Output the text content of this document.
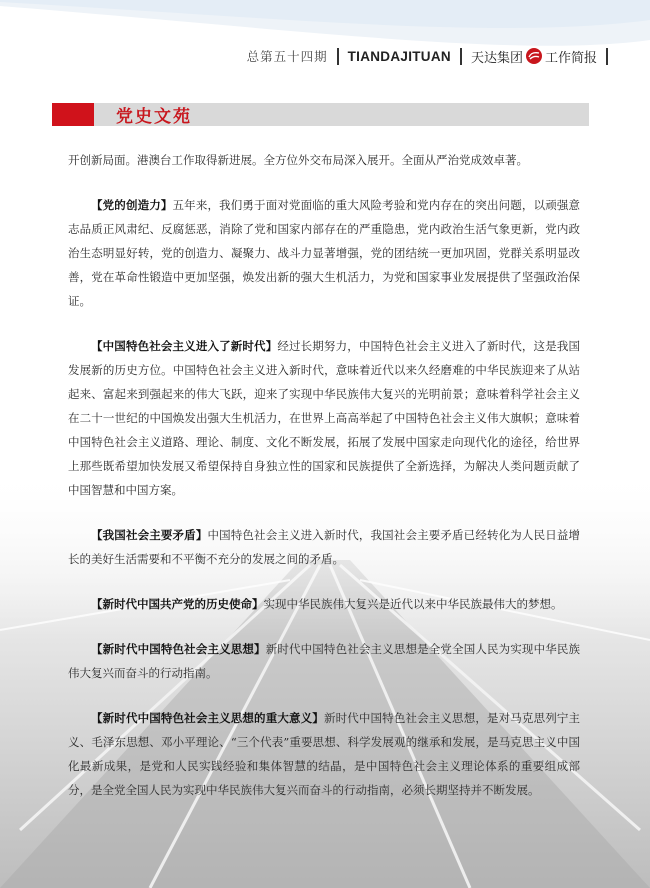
总第五十四期 TIANDAJITUAN 天达集团 工作简报
党史文苑

开创新局面。港澳台工作取得新进展。全方位外交布局深入展开。全面从严治党成效卓著。

【党的创造力】五年来，我们勇于面对党面临的重大风险考验和党内存在的突出问题，以顽强意志品质正风肃纪、反腐惩恶，消除了党和国家内部存在的严重隐患，党内政治生活气象更新，党内政治生态明显好转，党的创造力、凝聚力、战斗力显著增强，党的团结统一更加巩固，党群关系明显改善，党在革命性锻造中更加坚强，焕发出新的强大生机活力，为党和国家事业发展提供了坚强政治保证。

【中国特色社会主义进入了新时代】经过长期努力，中国特色社会主义进入了新时代，这是我国发展新的历史方位。中国特色社会主义进入新时代，意味着近代以来久经磨难的中华民族迎来了从站起来、富起来到强起来的伟大飞跃，迎来了实现中华民族伟大复兴的光明前景；意味着科学社会主义在二十一世纪的中国焕发出强大生机活力，在世界上高高举起了中国特色社会主义伟大旗帜；意味着中国特色社会主义道路、理论、制度、文化不断发展，拓展了发展中国家走向现代化的途径，给世界上那些既希望加快发展又希望保持自身独立性的国家和民族提供了全新选择，为解决人类问题贡献了中国智慧和中国方案。

【我国社会主要矛盾】中国特色社会主义进入新时代，我国社会主要矛盾已经转化为人民日益增长的美好生活需要和不平衡不充分的发展之间的矛盾。

【新时代中国共产党的历史使命】实现中华民族伟大复兴是近代以来中华民族最伟大的梦想。

【新时代中国特色社会主义思想】新时代中国特色社会主义思想是全党全国人民为实现中华民族伟大复兴而奋斗的行动指南。

【新时代中国特色社会主义思想的重大意义】新时代中国特色社会主义思想，是对马克思列宁主义、毛泽东思想、邓小平理论、“三个代表”重要思想、科学发展观的继承和发展，是马克思主义中国化最新成果，是党和人民实践经验和集体智慧的结晶，是中国特色社会主义理论体系的重要组成部分，是全党全国人民为实现中华民族伟大复兴而奋斗的行动指南，必须长期坚持并不断发展。
